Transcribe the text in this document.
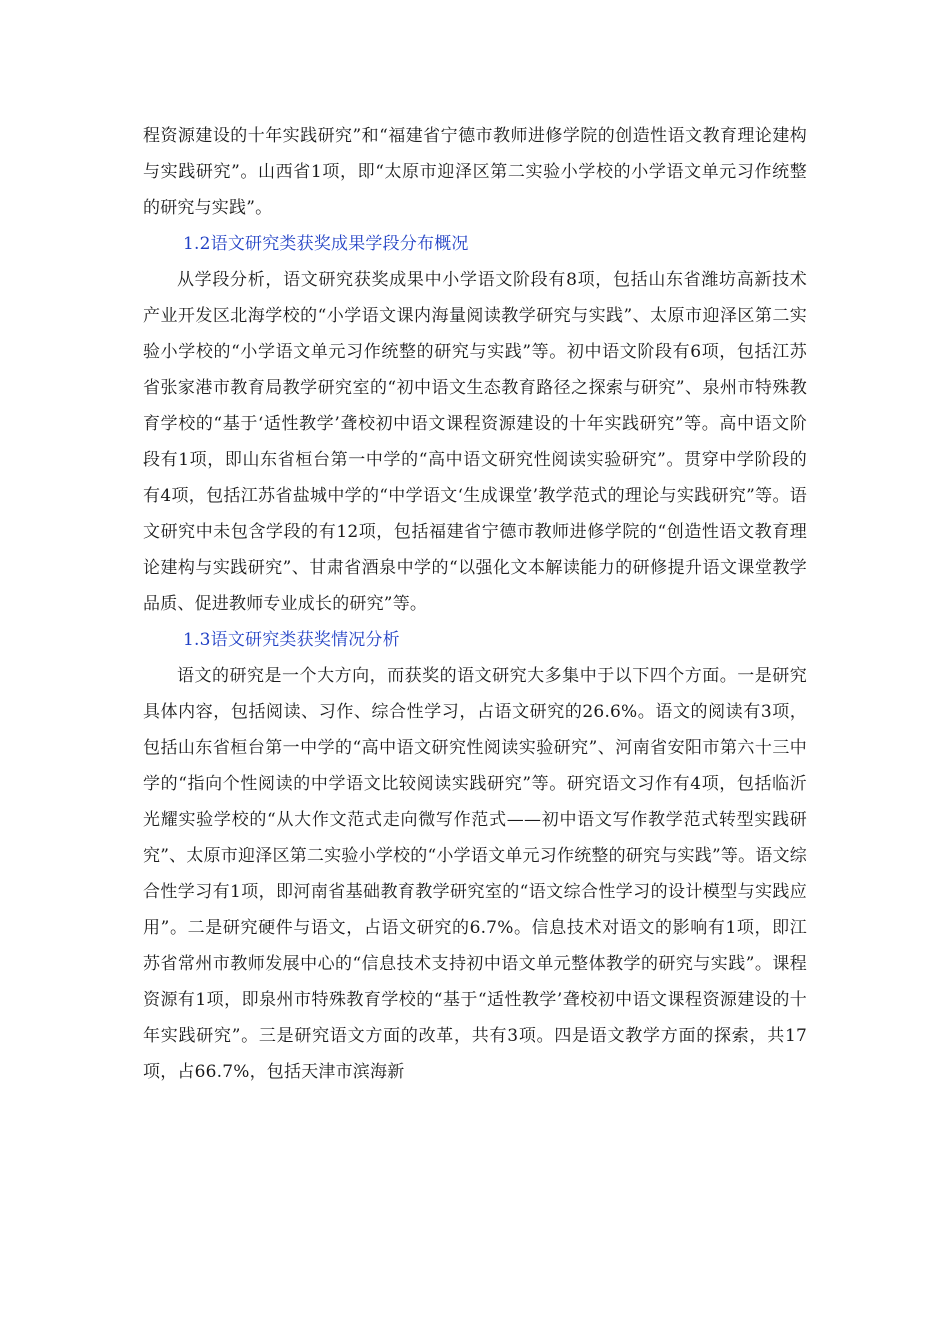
程资源建设的十年实践研究”和“福建省宁德市教师进修学院的创造性语文教育理论建构与实践研究”。山西省1项，即“太原市迎泽区第二实验小学校的小学语文单元习作统整的研究与实践”。

1.2语文研究类获奖成果学段分布概况

从学段分析，语文研究获奖成果中小学语文阶段有8项，包括山东省潍坊高新技术产业开发区北海学校的“小学语文课内海量阅读教学研究与实践”、太原市迎泽区第二实验小学校的“小学语文单元习作统整的研究与实践”等。初中语文阶段有6项，包括江苏省张家港市教育局教学研究室的“初中语文生态教育路径之探索与研究”、泉州市特殊教育学校的“基于‘适性教学’聋校初中语文课程资源建设的十年实践研究”等。高中语文阶段有1项，即山东省桓台第一中学的“高中语文研究性阅读实验研究”。贯穿中学阶段的有4项，包括江苏省盐城中学的“中学语文‘生成课堂’教学范式的理论与实践研究”等。语文研究中未包含学段的有12项，包括福建省宁德市教师进修学院的“创造性语文教育理论建构与实践研究”、甘肃省酒泉中学的“以强化文本解读能力的研修提升语文课堂教学品质、促进教师专业成长的研究”等。

1.3语文研究类获奖情况分析

语文的研究是一个大方向，而获奖的语文研究大多集中于以下四个方面。一是研究具体内容，包括阅读、习作、综合性学习，占语文研究的26.6%。语文的阅读有3项，包括山东省桓台第一中学的“高中语文研究性阅读实验研究”、河南省安阳市第六十三中学的“指向个性阅读的中学语文比较阅读实践研究”等。研究语文习作有4项，包括临沂光耀实验学校的“从大作文范式走向微写作范式——初中语文写作教学范式转型实践研究”、太原市迎泽区第二实验小学校的“小学语文单元习作统整的研究与实践”等。语文综合性学习有1项，即河南省基础教育教学研究室的“语文综合性学习的设计模型与实践应用”。二是研究硬件与语文，占语文研究的6.7%。信息技术对语文的影响有1项，即江苏省常州市教师发展中心的“信息技术支持初中语文单元整体教学的研究与实践”。课程资源有1项，即泉州市特殊教育学校的“基于“适性教学’聋校初中语文课程资源建设的十年实践研究”。三是研究语文方面的改革，共有3项。四是语文教学方面的探索，共17项，占66.7%，包括天津市滨海新
